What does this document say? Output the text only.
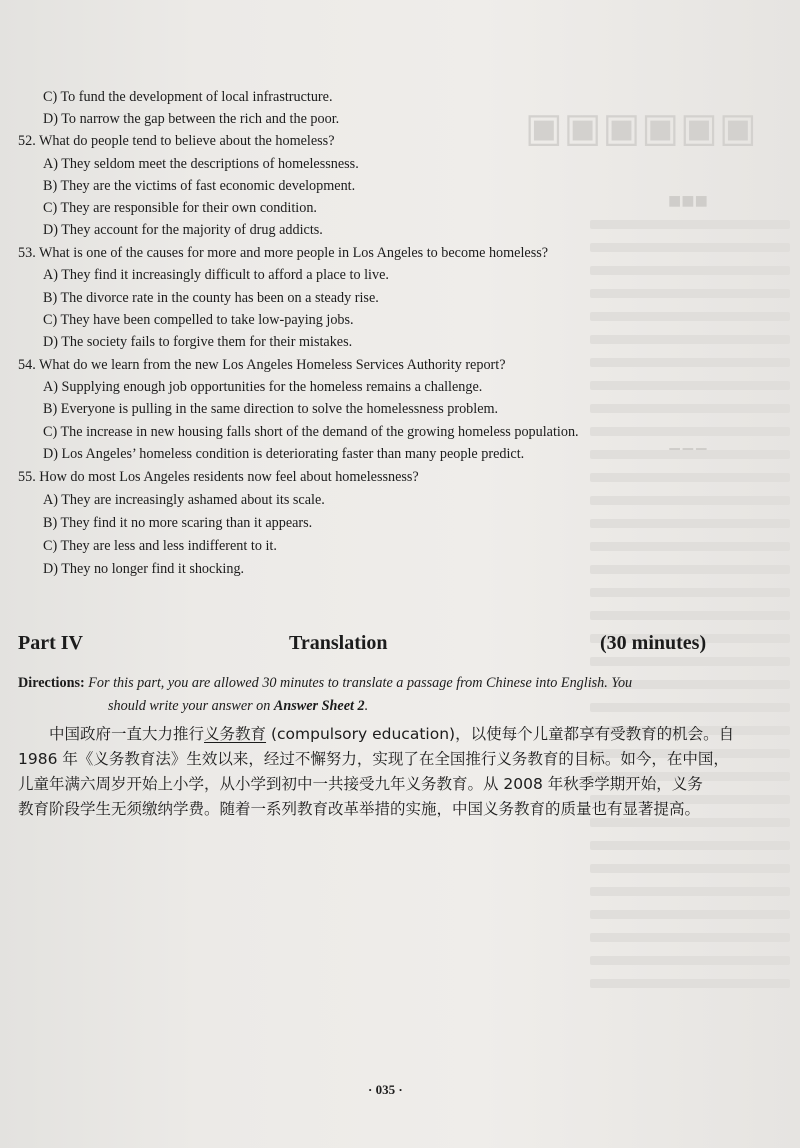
▣▣▣▣▣▣
■■■
C) To fund the development of local infrastructure.
D) To narrow the gap between the rich and the poor.
52. What do people tend to believe about the homeless?
A) They seldom meet the descriptions of homelessness.
B) They are the victims of fast economic development.
C) They are responsible for their own condition.
D) They account for the majority of drug addicts.
53. What is one of the causes for more and more people in Los Angeles to become homeless?
A) They find it increasingly difficult to afford a place to live.
B) The divorce rate in the county has been on a steady rise.
C) They have been compelled to take low-paying jobs.
D) The society fails to forgive them for their mistakes.
54. What do we learn from the new Los Angeles Homeless Services Authority report?
A) Supplying enough job opportunities for the homeless remains a challenge.
B) Everyone is pulling in the same direction to solve the homelessness problem.
C) The increase in new housing falls short of the demand of the growing homeless population.
D) Los Angeles’ homeless condition is deteriorating faster than many people predict.
55. How do most Los Angeles residents now feel about homelessness?
A) They are increasingly ashamed about its scale.
B) They find it no more scaring than it appears.
C) They are less and less indifferent to it.
D) They no longer find it shocking.
Part IV	Translation	(30 minutes)
Directions: For this part, you are allowed 30 minutes to translate a passage from Chinese into English. You
should write your answer on Answer Sheet 2.
中国政府一直大力推行义务教育 (compulsory education)，以使每个儿童都享有受教育的机会。自
1986 年《义务教育法》生效以来，经过不懈努力，实现了在全国推行义务教育的目标。如今，在中国，
儿童年满六周岁开始上小学，从小学到初中一共接受九年义务教育。从 2008 年秋季学期开始，义务
教育阶段学生无须缴纳学费。随着一系列教育改革举措的实施，中国义务教育的质量也有显著提高。
· 035 ·
